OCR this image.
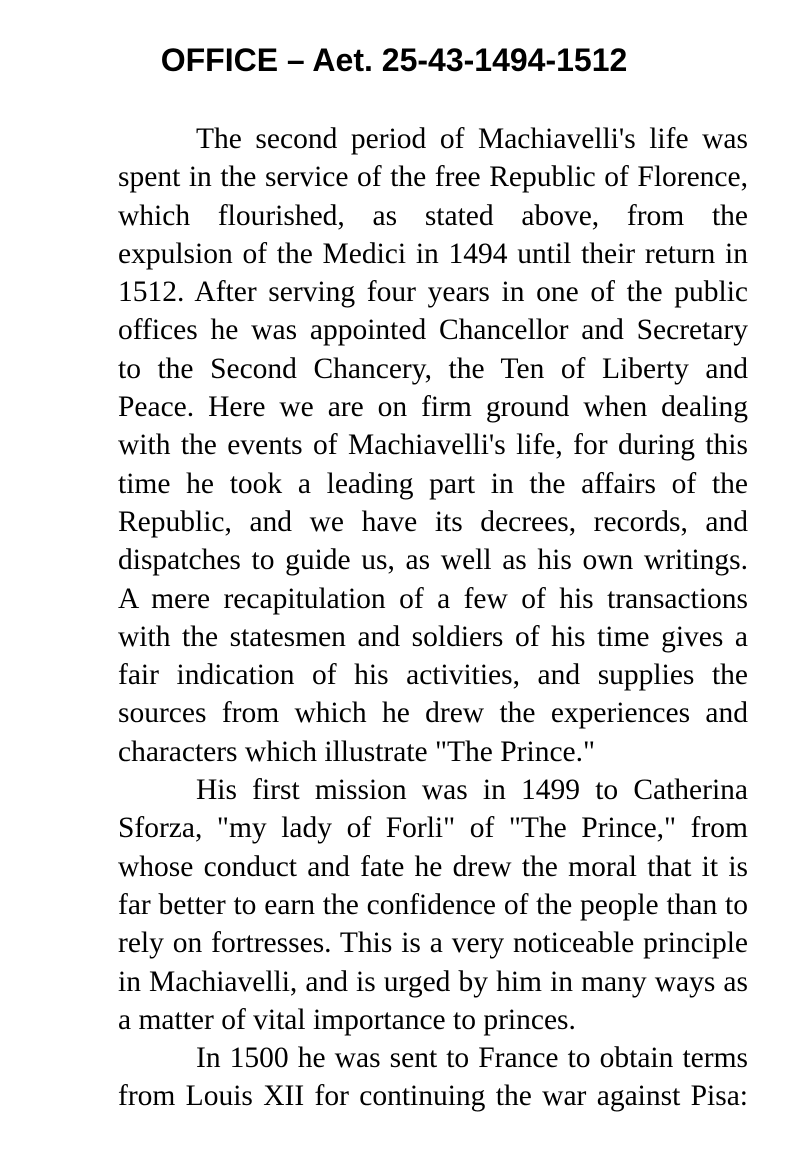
OFFICE – Aet. 25-43-1494-1512
The second period of Machiavelli's life was
spent in the service of the free Republic of Florence,
which flourished, as stated above, from the
expulsion of the Medici in 1494 until their return in
1512. After serving four years in one of the public
offices he was appointed Chancellor and Secretary
to the Second Chancery, the Ten of Liberty and
Peace. Here we are on firm ground when dealing
with the events of Machiavelli's life, for during this
time he took a leading part in the affairs of the
Republic, and we have its decrees, records, and
dispatches to guide us, as well as his own writings.
A mere recapitulation of a few of his transactions
with the statesmen and soldiers of his time gives a
fair indication of his activities, and supplies the
sources from which he drew the experiences and
characters which illustrate "The Prince."
His first mission was in 1499 to Catherina
Sforza, "my lady of Forli" of "The Prince," from
whose conduct and fate he drew the moral that it is
far better to earn the confidence of the people than to
rely on fortresses. This is a very noticeable principle
in Machiavelli, and is urged by him in many ways as
a matter of vital importance to princes.
In 1500 he was sent to France to obtain terms
from Louis XII for continuing the war against Pisa:
